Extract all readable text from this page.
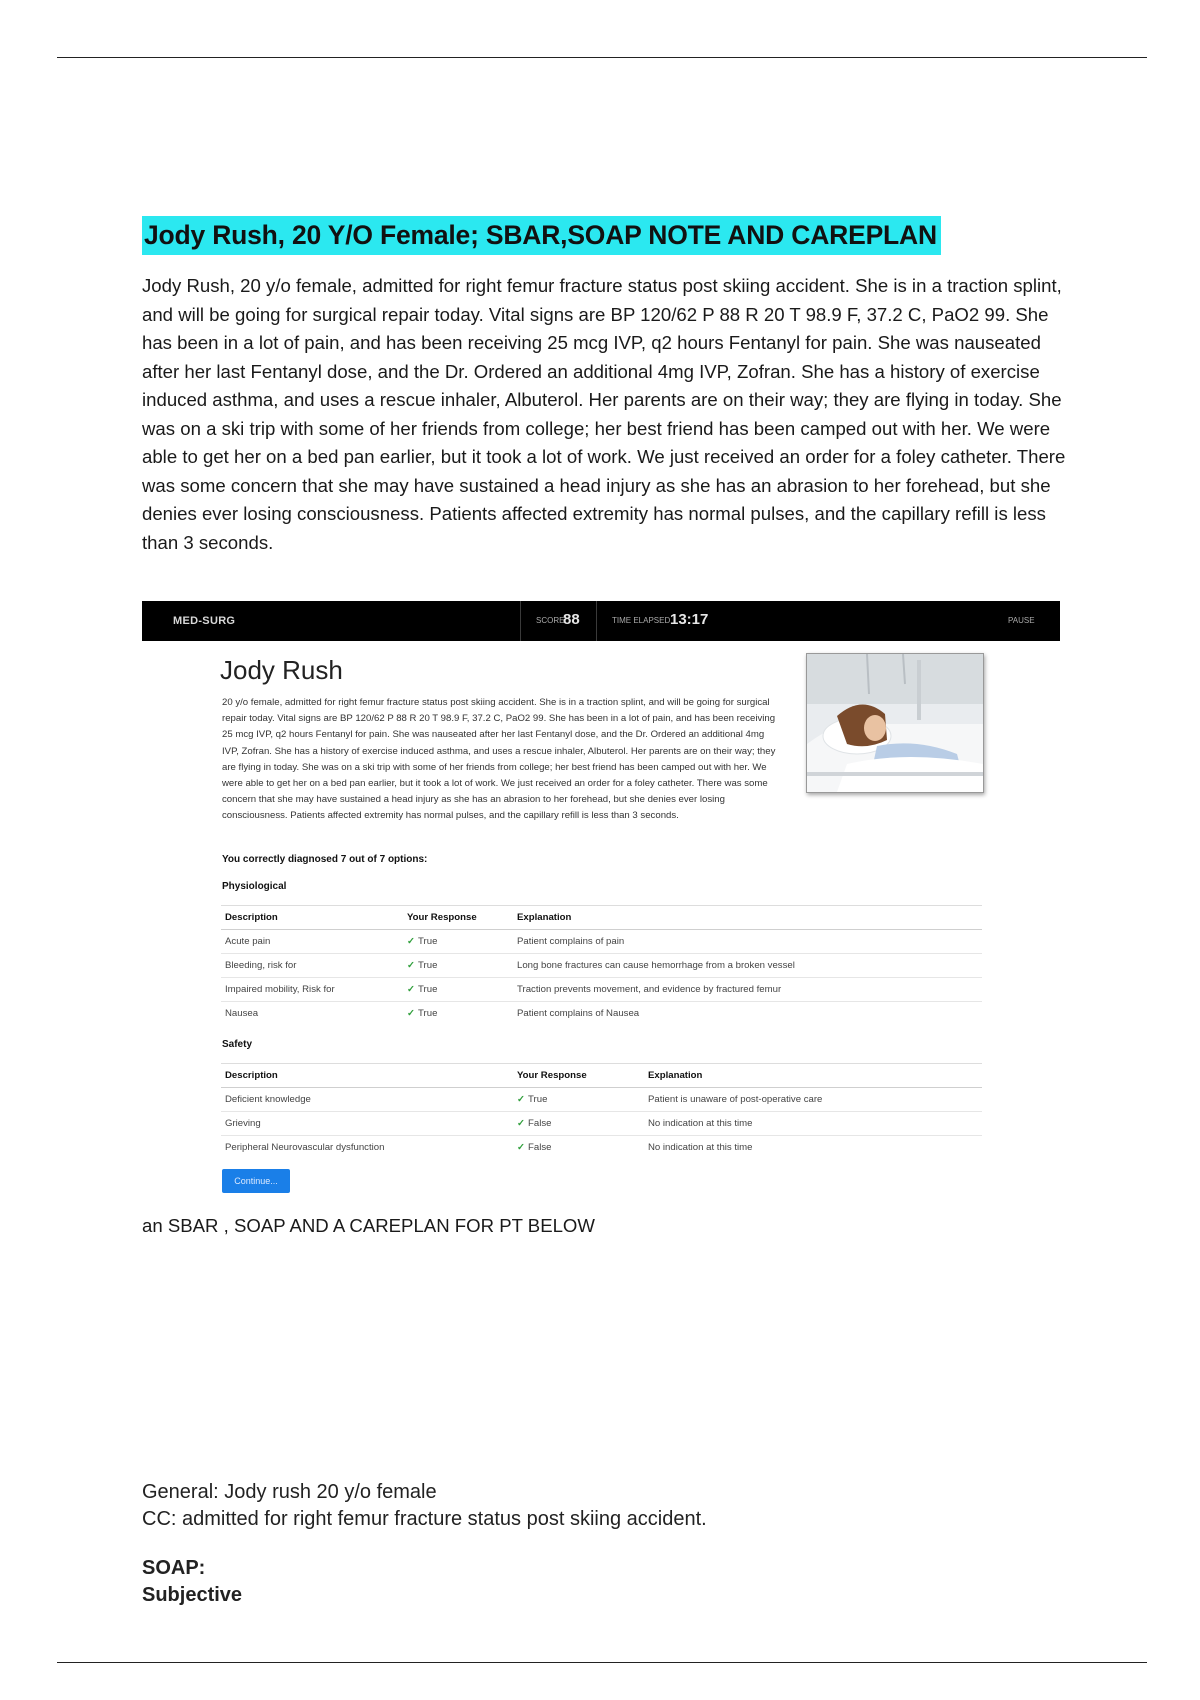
Jody Rush, 20 Y/O Female; SBAR,SOAP NOTE AND CAREPLAN

Jody Rush, 20 y/o female, admitted for right femur fracture status post skiing accident. She is in a traction splint, and will be going for surgical repair today. Vital signs are BP 120/62 P 88 R 20 T 98.9 F, 37.2 C, PaO2 99. She has been in a lot of pain, and has been receiving 25 mcg IVP, q2 hours Fentanyl for pain. She was nauseated after her last Fentanyl dose, and the Dr. Ordered an additional 4mg IVP, Zofran. She has a history of exercise induced asthma, and uses a rescue inhaler, Albuterol. Her parents are on their way; they are flying in today. She was on a ski trip with some of her friends from college; her best friend has been camped out with her. We were able to get her on a bed pan earlier, but it took a lot of work. We just received an order for a foley catheter. There was some concern that she may have sustained a head injury as she has an abrasion to her forehead, but she denies ever losing consciousness. Patients affected extremity has normal pulses, and the capillary refill is less than 3 seconds.

MED-SURG	SCORE
88	TIME ELAPSED 13:17	PAUSE
Jody Rush

20 y/o female, admitted for right femur fracture status post skiing accident. She is in a traction splint, and will be going for surgical repair today. Vital signs are BP 120/62 P 88 R 20 T 98.9 F, 37.2 C, PaO2 99. She has been in a lot of pain, and has been receiving 25 mcg IVP, q2 hours Fentanyl for pain. She was nauseated after her last Fentanyl dose, and the Dr. Ordered an additional 4mg IVP, Zofran. She has a history of exercise induced asthma, and uses a rescue inhaler, Albuterol. Her parents are on their way; they are flying in today. She was on a ski trip with some of her friends from college; her best friend has been camped out with her. We were able to get her on a bed pan earlier, but it took a lot of work. We just received an order for a foley catheter. There was some concern that she may have sustained a head injury as she has an abrasion to her forehead, but she denies ever losing consciousness. Patients affected extremity has normal pulses, and the capillary refill is less than 3 seconds.

You correctly diagnosed 7 out of 7 options:
Physiological
Description	Your Response	Explanation
Acute pain	✓ True	Patient complains of pain
Bleeding, risk for	✓ True	Long bone fractures can cause hemorrhage from a broken vessel
Impaired mobility, Risk for	✓ True	Traction prevents movement, and evidence by fractured femur
Nausea	✓ True	Patient complains of Nausea
Safety
Description	Your Response	Explanation
Deficient knowledge	✓ True	Patient is unaware of post-operative care
Grieving	✓ False	No indication at this time
Peripheral Neurovascular dysfunction	✓ False	No indication at this time
Continue...
an SBAR , SOAP AND A CAREPLAN FOR PT BELOW
General: Jody rush 20 y/o female
CC: admitted for right femur fracture status post skiing accident.
SOAP:
Subjective
